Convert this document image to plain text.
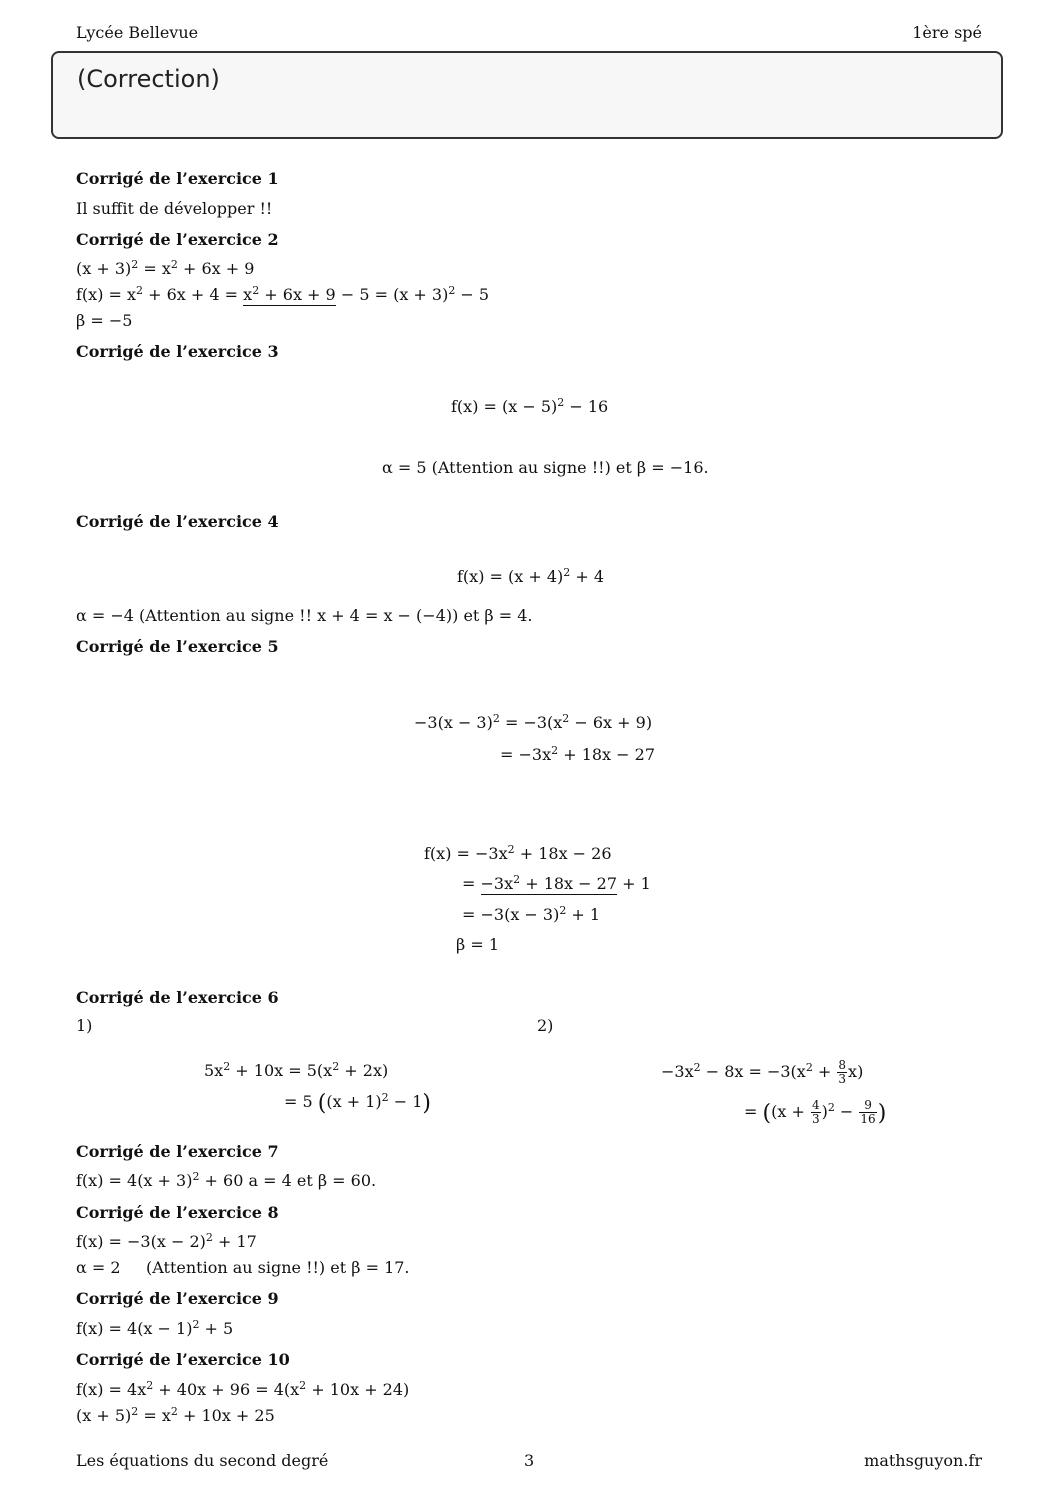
Lycée Bellevue	1ère spé
(Correction)
Corrigé de l’exercice 1
Il suffit de développer !!
Corrigé de l’exercice 2
$(x + 3)^2 = x^2 + 6x + 9$
$f(x) = x^2 + 6x + 4 = x^2 + 6x + 9 - 5 = (x + 3)^2 - 5$
β = −5
Corrigé de l’exercice 3
$f(x) = (x - 5)^2 - 16$
α = 5 (Attention au signe !!) et β = −16.
Corrigé de l’exercice 4
$f(x) = (x + 4)^2 + 4$
α = −4 (Attention au signe !! x + 4 = x − (−4)) et β = 4.
Corrigé de l’exercice 5
$-3(x - 3)^2 = -3(x^2 - 6x + 9)$
= $-3x^2 + 18x - 27$
$f(x) = -3x^2 + 18x - 26$
= $-3x^2 + 18x - 27 + 1$
= $-3(x - 3)^2 + 1$
β = 1
Corrigé de l’exercice 6
1)	2)
$5x^2 + 10x = 5(x^2 + 2x)$
= 5 $((x + 1)^2 - 1)$
$-3x^2 - 8x = -3(x^2 + \frac{8}{3} x)$
= ($(x + \frac{4}{3} )^2 - \frac{9}{16}$ )
Corrigé de l’exercice 7
$f(x) = 4(x + 3)^2 + 60$ a = 4 et β = 60.
Corrigé de l’exercice 8
$f(x) = -3(x - 2)^2 + 17$
α = 2     (Attention au signe !!) et β = 17.
Corrigé de l’exercice 9
$f(x) = 4(x - 1)^2 + 5$
Corrigé de l’exercice 10
$f(x) = 4x^2 + 40x + 96 = 4(x^2 + 10x + 24)$
$(x + 5)^2 = x^2 + 10x + 25$
Les équations du second degré	3	mathsguyon.fr
